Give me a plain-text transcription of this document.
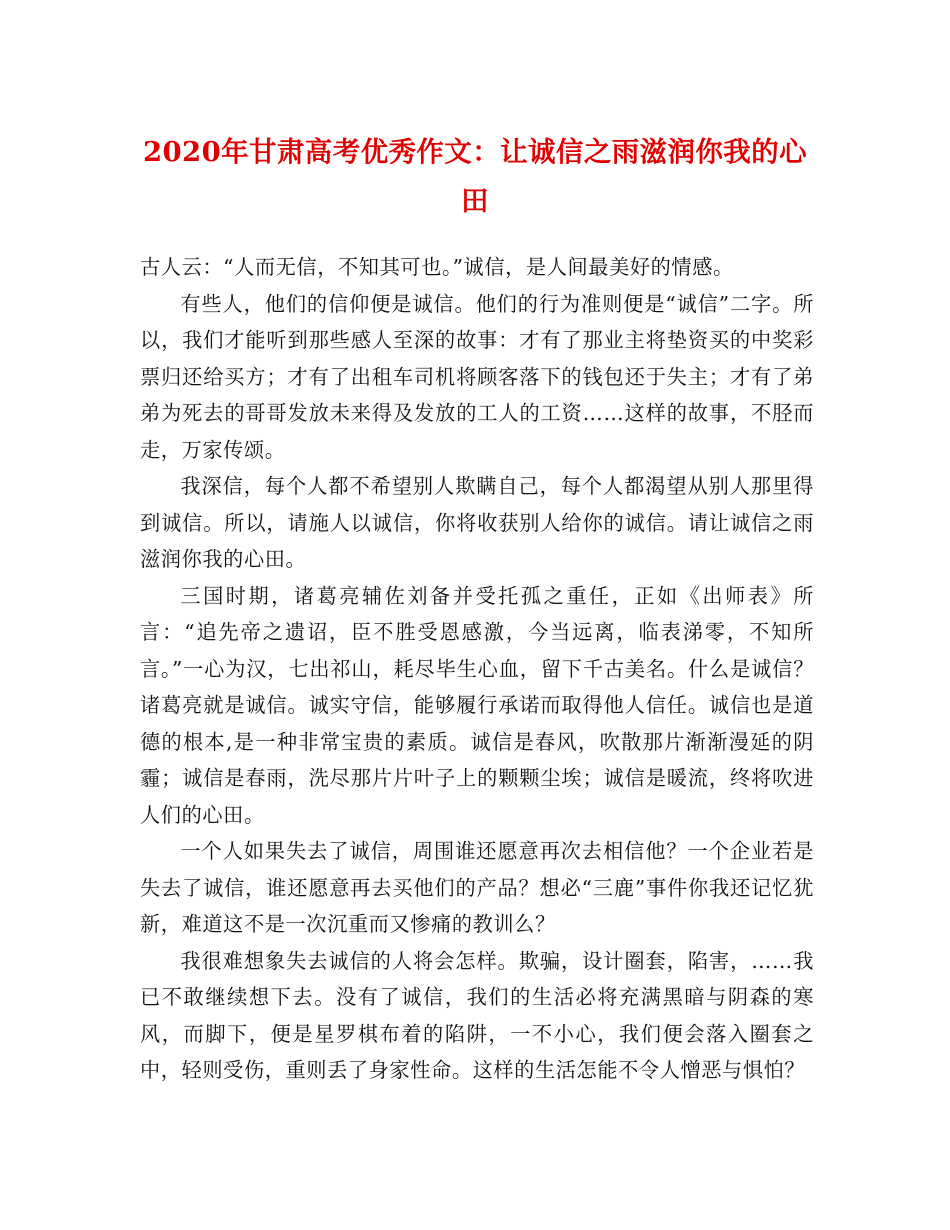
2020年甘肃高考优秀作文：让诚信之雨滋润你我的心田

古人云：“人而无信，不知其可也。”诚信，是人间最美好的情感。

有些人，他们的信仰便是诚信。他们的行为准则便是“诚信”二字。所以，我们才能听到那些感人至深的故事：才有了那业主将垫资买的中奖彩票归还给买方；才有了出租车司机将顾客落下的钱包还于失主；才有了弟弟为死去的哥哥发放未来得及发放的工人的工资……这样的故事，不胫而走，万家传颂。

我深信，每个人都不希望别人欺瞒自己，每个人都渴望从别人那里得到诚信。所以，请施人以诚信，你将收获别人给你的诚信。请让诚信之雨滋润你我的心田。

三国时期，诸葛亮辅佐刘备并受托孤之重任，正如《出师表》所言：“追先帝之遗诏，臣不胜受恩感激，今当远离，临表涕零，不知所言。”一心为汉，七出祁山，耗尽毕生心血，留下千古美名。什么是诚信？诸葛亮就是诚信。诚实守信，能够履行承诺而取得他人信任。诚信也是道德的根本,是一种非常宝贵的素质。诚信是春风，吹散那片渐渐漫延的阴霾；诚信是春雨，洗尽那片片叶子上的颗颗尘埃；诚信是暖流，终将吹进人们的心田。

一个人如果失去了诚信，周围谁还愿意再次去相信他？一个企业若是失去了诚信，谁还愿意再去买他们的产品？想必“三鹿”事件你我还记忆犹新，难道这不是一次沉重而又惨痛的教训么？

我很难想象失去诚信的人将会怎样。欺骗，设计圈套，陷害，……我已不敢继续想下去。没有了诚信，我们的生活必将充满黑暗与阴森的寒风，而脚下，便是星罗棋布着的陷阱，一不小心，我们便会落入圈套之中，轻则受伤，重则丢了身家性命。这样的生活怎能不令人憎恶与惧怕？
